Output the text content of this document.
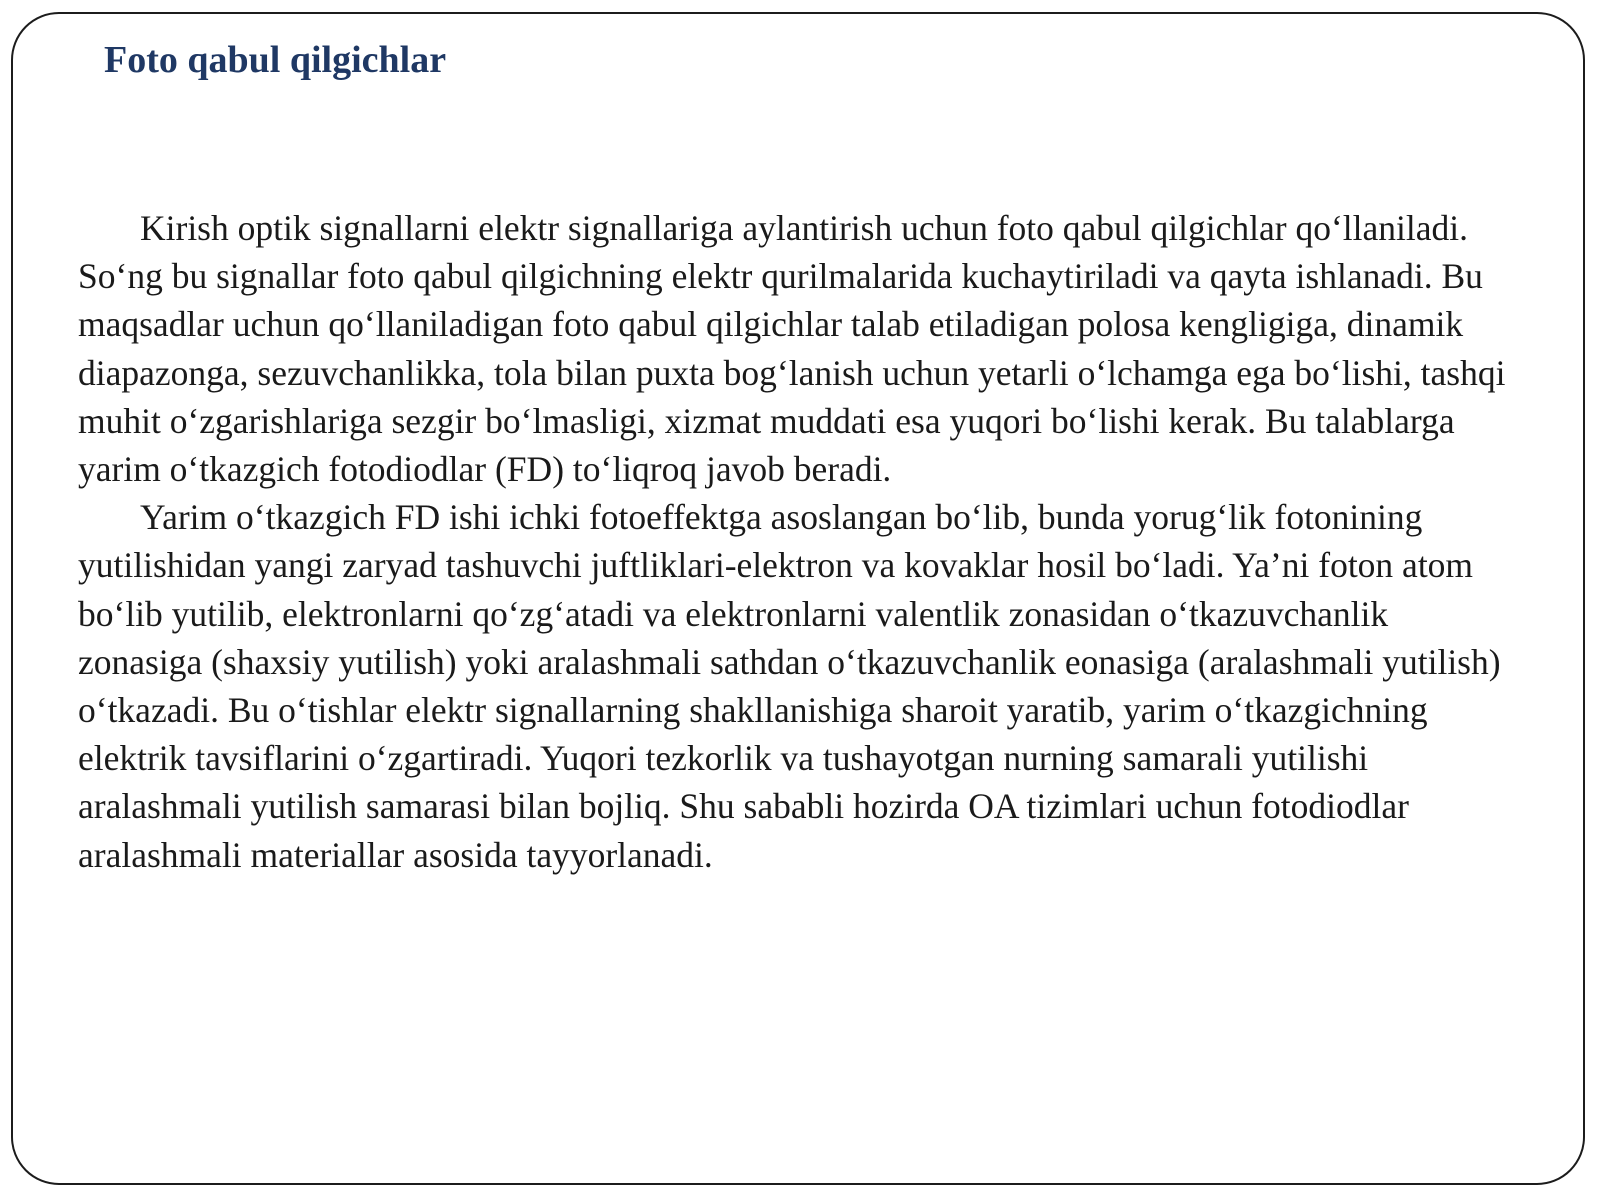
Foto qabul qilgichlar

Kirish optik signallarni elektr signallariga aylantirish uchun foto qabul qilgichlar qo‘llaniladi. So‘ng bu signallar foto qabul qilgichning elektr qurilmalarida kuchaytiriladi va qayta ishlanadi. Bu maqsadlar uchun qo‘llaniladigan foto qabul qilgichlar talab etiladigan polosa kengligiga, dinamik diapazonga, sezuvchanlikka, tola bilan puxta bog‘lanish uchun yetarli o‘lchamga ega bo‘lishi, tashqi muhit o‘zgarishlariga sezgir bo‘lmasligi, xizmat muddati esa yuqori bo‘lishi kerak. Bu talablarga yarim o‘tkazgich fotodiodlar (FD) to‘liqroq javob beradi.

Yarim o‘tkazgich FD ishi ichki fotoeffektga asoslangan bo‘lib, bunda yorug‘lik fotonining yutilishidan yangi zaryad tashuvchi juftliklari-elektron va kovaklar hosil bo‘ladi. Ya’ni foton atom bo‘lib yutilib, elektronlarni qo‘zg‘atadi va elektronlarni valentlik zonasidan o‘tkazuvchanlik zonasiga (shaxsiy yutilish) yoki aralashmali sathdan o‘tkazuvchanlik eonasiga (aralashmali yutilish) o‘tkazadi. Bu o‘tishlar elektr signallarning shakllanishiga sharoit yaratib, yarim o‘tkazgichning elektrik tavsiflarini o‘zgartiradi. Yuqori tezkorlik va tushayotgan nurning samarali yutilishi aralashmali yutilish samarasi bilan bojliq. Shu sababli hozirda OA tizimlari uchun fotodiodlar aralashmali materiallar asosida tayyorlanadi.
